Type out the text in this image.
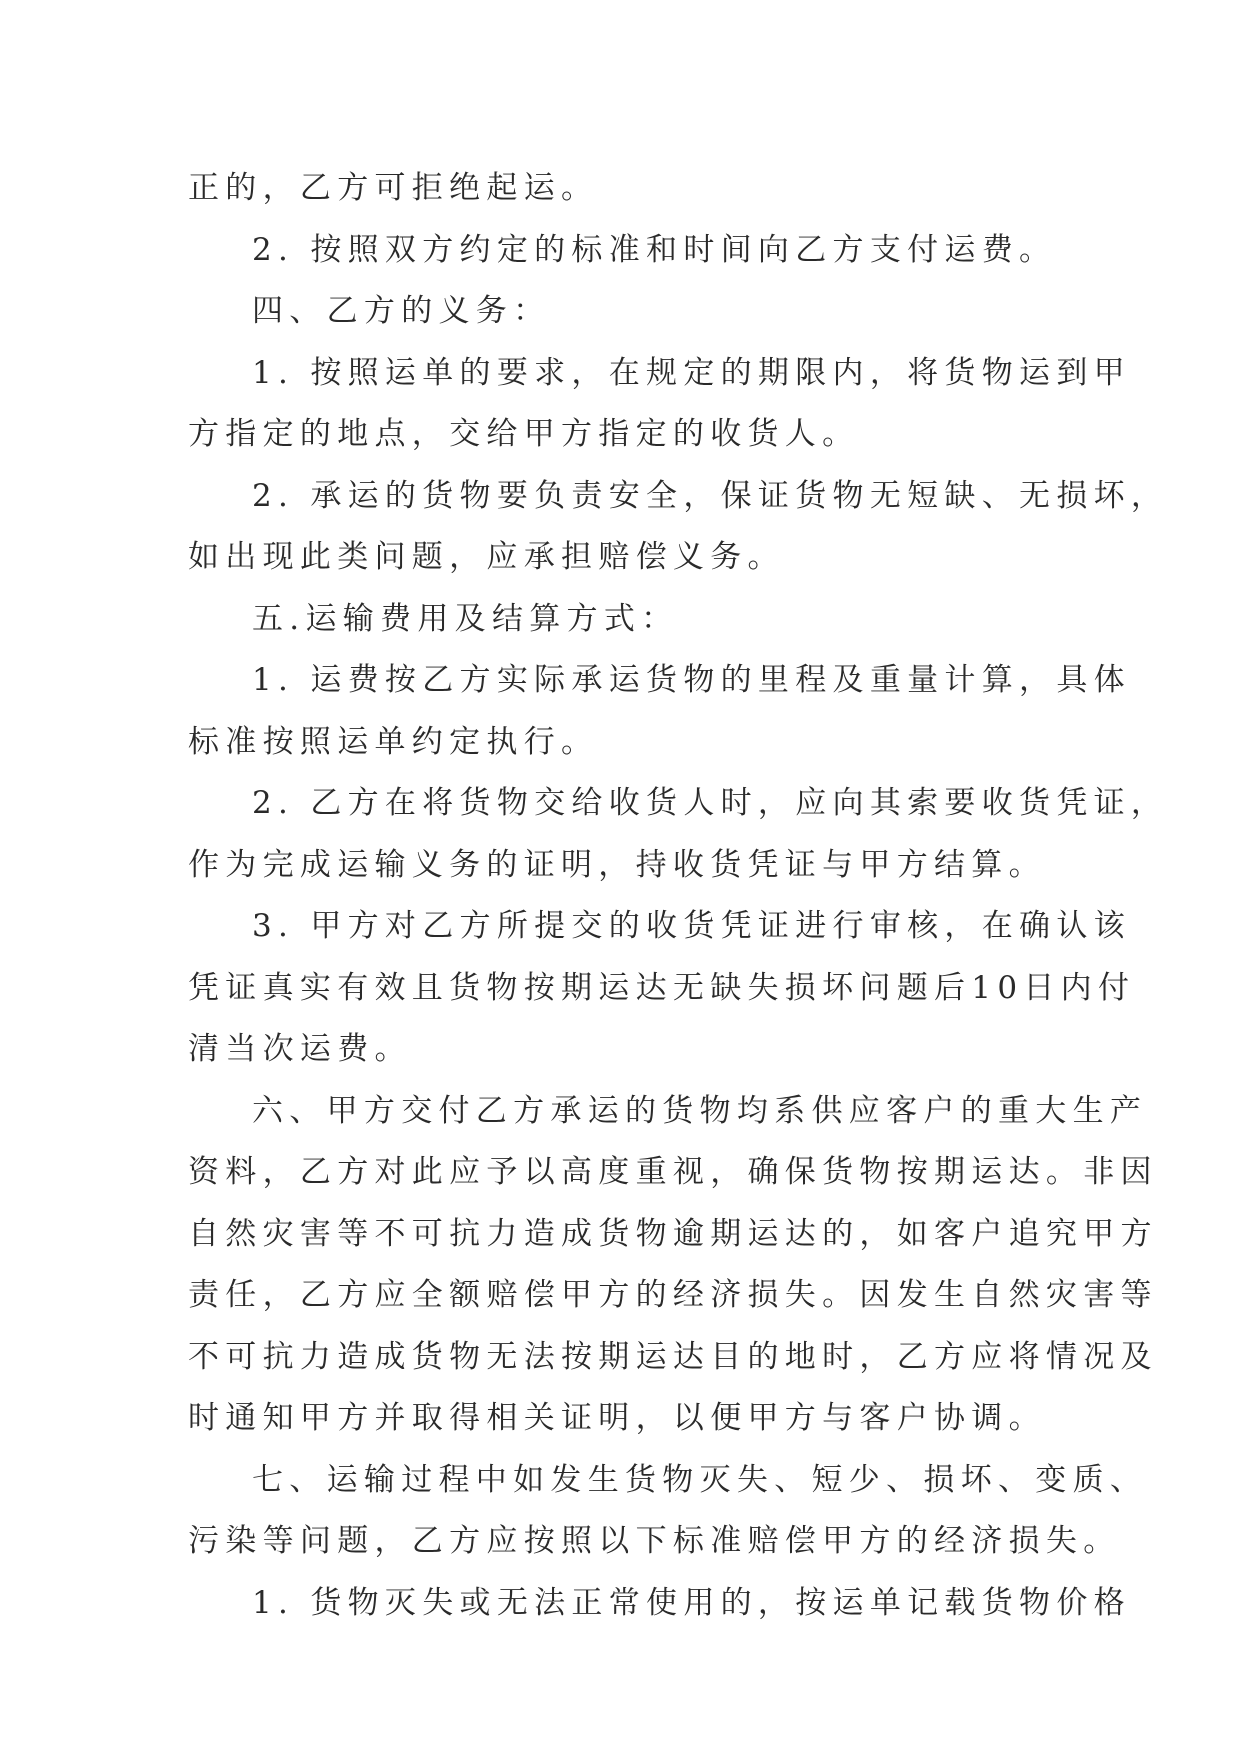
正的，乙方可拒绝起运。
2. 按照双方约定的标准和时间向乙方支付运费。
四、乙方的义务：
1. 按照运单的要求，在规定的期限内，将货物运到甲
方指定的地点，交给甲方指定的收货人。
2. 承运的货物要负责安全，保证货物无短缺、无损坏，
如出现此类问题，应承担赔偿义务。
五.运输费用及结算方式：
1. 运费按乙方实际承运货物的里程及重量计算，具体
标准按照运单约定执行。
2. 乙方在将货物交给收货人时，应向其索要收货凭证，
作为完成运输义务的证明，持收货凭证与甲方结算。
3. 甲方对乙方所提交的收货凭证进行审核，在确认该
凭证真实有效且货物按期运达无缺失损坏问题后10日内付
清当次运费。
六、甲方交付乙方承运的货物均系供应客户的重大生产
资料，乙方对此应予以高度重视，确保货物按期运达。非因
自然灾害等不可抗力造成货物逾期运达的，如客户追究甲方
责任，乙方应全额赔偿甲方的经济损失。因发生自然灾害等
不可抗力造成货物无法按期运达目的地时，乙方应将情况及
时通知甲方并取得相关证明，以便甲方与客户协调。
七、运输过程中如发生货物灭失、短少、损坏、变质、
污染等问题，乙方应按照以下标准赔偿甲方的经济损失。
1. 货物灭失或无法正常使用的，按运单记载货物价格
